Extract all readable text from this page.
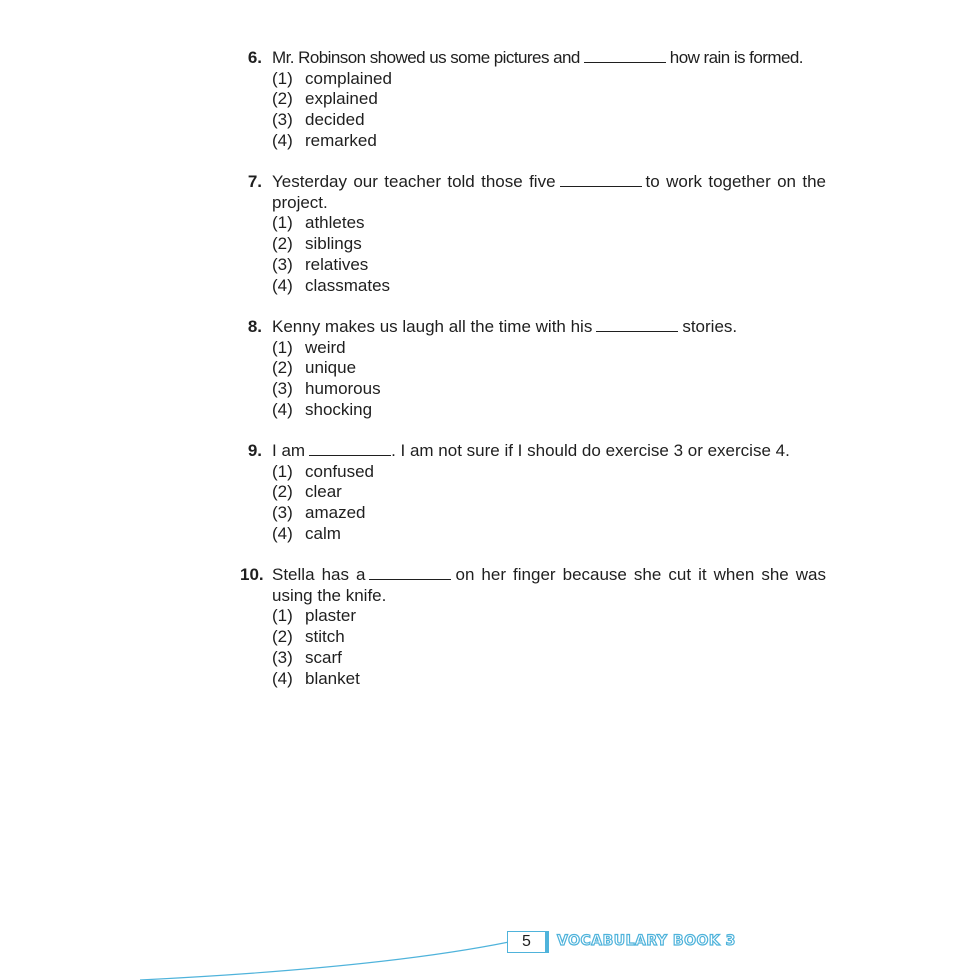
6. Mr. Robinson showed us some pictures and	how rain is formed.
(1) complained
(2) explained
(3) decided
(4) remarked
7. Yesterday our teacher told those five	to work together on the project.
(1) athletes
(2) siblings
(3) relatives
(4) classmates
8. Kenny makes us laugh all the time with his	stories.
(1) weird
(2) unique
(3) humorous
(4) shocking
9. I am	. I am not sure if I should do exercise 3 or exercise 4.
(1) confused
(2) clear
(3) amazed
(4) calm
10. Stella has a	on her finger because she cut it when she was using the knife.
(1) plaster
(2) stitch
(3) scarf
(4) blanket
5	VOCABULARY BOOK 3
